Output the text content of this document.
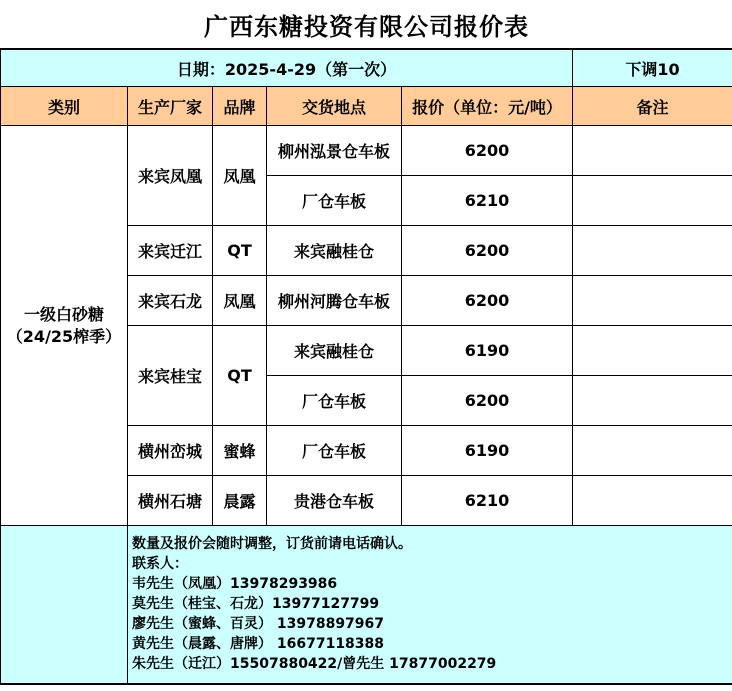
广西东糖投资有限公司报价表					
日期：2025-4-29（第一次）					下调10
类别	生产厂家	品牌	交货地点	报价（单位：元/吨）	备注

一级白砂糖
（24/25榨季）	来宾凤凰	凤凰	柳州泓景仓车板	6200	
			厂仓车板	6210	
	来宾迁江	QT	来宾融桂仓	6200	
	来宾石龙	凤凰	柳州河腾仓车板	6200	
	来宾桂宝	QT	来宾融桂仓	6190	
			厂仓车板	6200	
	横州峦城	蜜蜂	厂仓车板	6190	
	横州石塘	晨露	贵港仓车板	6210	

数量及报价会随时调整，订货前请电话确认。
联系人：
韦先生（凤凰）13978293986
莫先生（桂宝、石龙）13977127799
廖先生（蜜蜂、百灵） 13978897967
黄先生（晨露、唐牌） 16677118388
朱先生（迁江）15507880422/曾先生 17877002279
